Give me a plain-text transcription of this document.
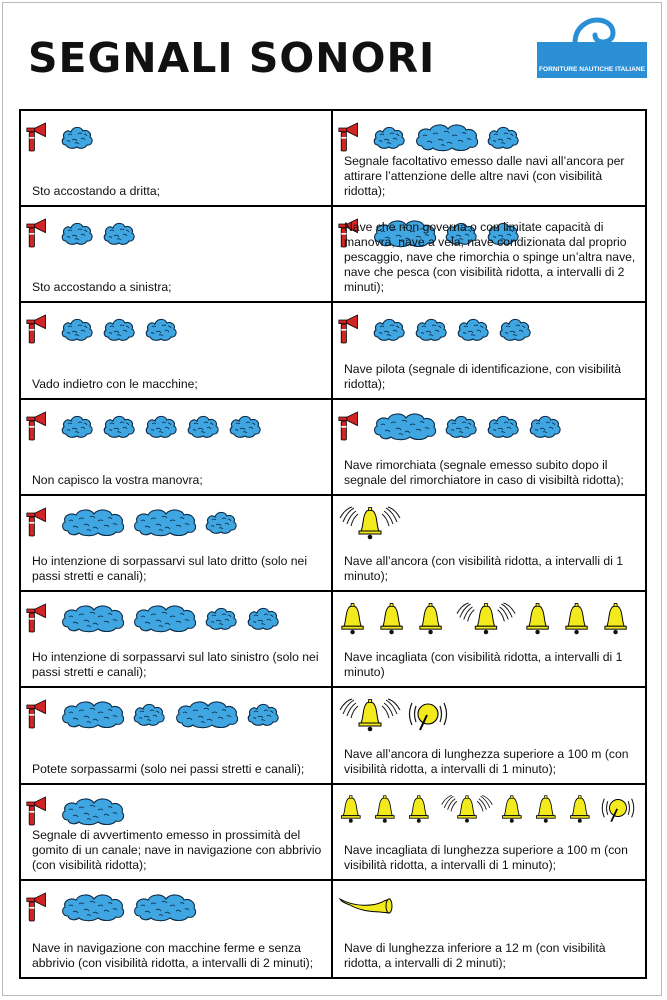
SEGNALI SONORI	FORNITURE NAUTICHE ITALIANE

Sto accostando a dritta;

Segnale facoltativo emesso dalle navi all’ancora per attirare l’attenzione delle altre navi (con visibilità ridotta);

Sto accostando a sinistra;

Nave che non governa o con limitate capacità di manovra, nave a vela, nave condizionata dal proprio pescaggio, nave che rimorchia o spinge un’altra nave, nave che pesca (con visibilità ridotta, a intervalli di 2 minuti);

Vado indietro con le macchine;

Nave pilota (segnale di identificazione, con visibilità ridotta);

Non capisco la vostra manovra;

Nave rimorchiata (segnale emesso subito dopo il segnale del rimorchiatore in caso di visibiltà ridotta);

Ho intenzione di sorpassarvi sul lato dritto (solo nei passi stretti e canali);

Nave all’ancora (con visibilità ridotta, a intervalli di 1 minuto);

Ho intenzione di sorpassarvi sul lato sinistro (solo nei passi stretti e canali);

Nave incagliata (con visibilità ridotta, a intervalli di 1 minuto)

Potete sorpassarmi (solo nei passi stretti e canali);

Nave all’ancora di lunghezza superiore a 100 m (con visibilità ridotta, a intervalli di 1 minuto);

Segnale di avvertimento emesso in prossimità del gomito di un canale; nave in navigazione con abbrivio (con visibilità ridotta);

Nave incagliata di lunghezza superiore a 100 m (con visibilità ridotta, a intervalli di 1 minuto);

Nave in navigazione con macchine ferme e senza abbrivio (con visibilità ridotta, a intervalli di 2 minuti);

Nave di lunghezza inferiore a 12 m (con visibilità ridotta, a intervalli di 2 minuti);
